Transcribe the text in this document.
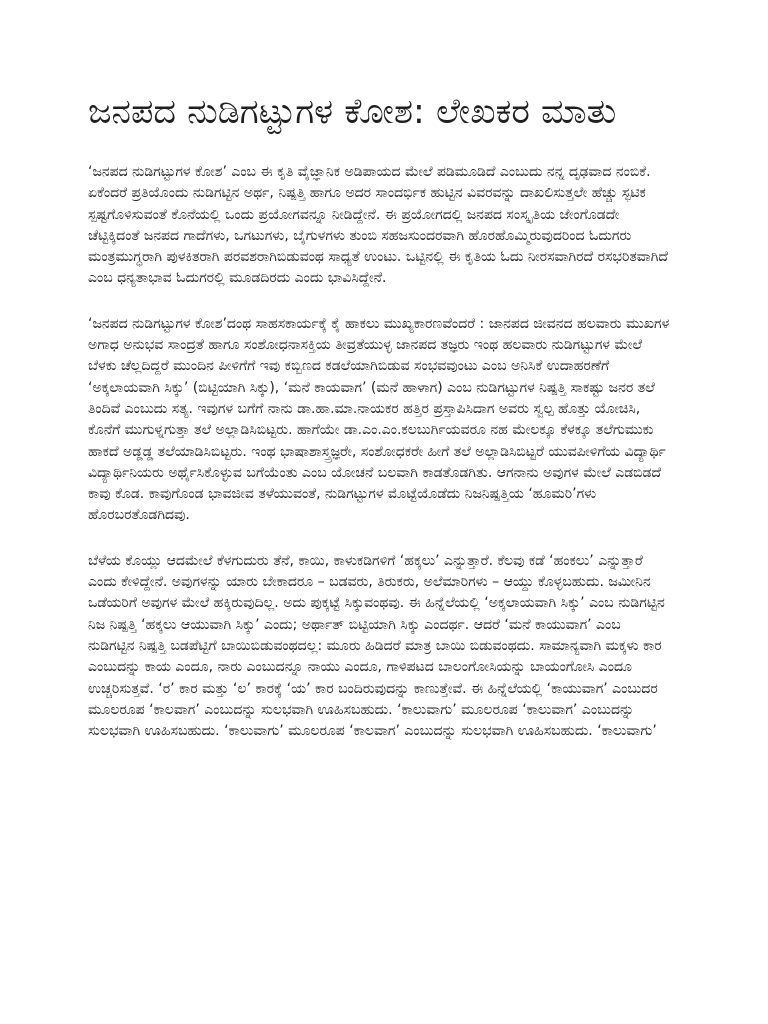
ಜನಪದ ನುಡಿಗಟ್ಟುಗಳ ಕೋಶ: ಲೇಖಕರ ಮಾತು

‘ಜನಪದ ನುಡಿಗಟ್ಟುಗಳ ಕೋಶ’ ಎಂಬ ಈ ಕೃತಿ ವೈಜ್ಞಾನಿಕ ಅಡಿಪಾಯದ ಮೇಲೆ ಪಡಿಮೂಡಿದೆ ಎಂಬುದು ನನ್ನ ದೃಢವಾದ ನಂಬಿಕೆ. ಏಕೆಂದರೆ ಪ್ರತಿಯೊಂದು ನುಡಿಗಟ್ಟಿನ ಅರ್ಥ, ನಿಷ್ಪತ್ತಿ ಹಾಗೂ ಅದರ ಸಾಂದರ್ಭಿಕ ಹುಟ್ಟಿನ ವಿವರವನ್ನು ದಾಖಲಿಸುತ್ತಲೇ ಹೆಚ್ಚು ಸ್ಫಟಿಕ ಸ್ಪಷ್ಟಗೊಳಿಸುವಂತೆ ಕೊನೆಯಲ್ಲಿ ಒಂದು ಪ್ರಯೋಗವನ್ನೂ ನೀಡಿದ್ದೇನೆ. ಈ ಪ್ರಯೋಗದಲ್ಲಿ ಜನಪದ ಸಂಸ್ಕೃತಿಯ ಜೇಂಗೊಡದೇ ಚೆಟ್ಟಿಕ್ಕಿದಂತೆ ಜನಪದ ಗಾದೆಗಳು, ಒಗಟುಗಳು, ಬೈಗುಳಗಳು ತುಂಬಿ ಸಹಜಸುಂದರವಾಗಿ ಹೊರಹೊಮ್ಮಿರುವುದರಿಂದ ಓದುಗರು ಮಂತ್ರಮುಗ್ಧರಾಗಿ ಪುಳಕಿತರಾಗಿ ಪರವಶರಾಗಿಬಿಡುವಂಥ ಸಾಧ್ಯತೆ ಉಂಟು. ಒಟ್ಟಿನಲ್ಲಿ ಈ ಕೃತಿಯ ಓದು ನೀರಸವಾಗಿರದೆ ರಸಭರಿತವಾಗಿದೆ ಎಂಬ ಧನ್ಯತಾಭಾವ ಓದುಗರಲ್ಲಿ ಮೂಡದಿರದು ಎಂದು ಭಾವಿಸಿದ್ದೇನೆ.

‘ಜನಪದ ನುಡಿಗಟ್ಟುಗಳ ಕೋಶ’ದಂಥ ಸಾಹಸಕಾರ್ಯಕ್ಕೆ ಕೈ ಹಾಕಲು ಮುಖ್ಯಕಾರಣವೆಂದರೆ : ಜಾನಪದ ಜೀವನದ ಹಲವಾರು ಮುಖಗಳ ಅಗಾಧ ಅನುಭವ ಸಾಂದ್ರತೆ ಹಾಗೂ ಸಂಶೋಧನಾಸಕ್ತಿಯ ತೀವ್ರತೆಯುಳ್ಳ ಜಾನಪದ ತಜ್ಞರು ಇಂಥ ಹಲವಾರು ನುಡಿಗಟ್ಟುಗಳ ಮೇಲೆ ಬೆಳಕು ಚೆಲ್ಲದಿದ್ದರೆ ಮುಂದಿನ ಪೀಳಿಗೆಗೆ ಇವು ಕಬ್ಬಿಣದ ಕಡಲೆಯಾಗಿಬಿಡುವ ಸಂಭವವುಂಟು ಎಂಬ ಅನಿಸಿಕೆ ಉದಾಹರಣೆಗೆ ‘ಅಕ್ಕಲಾಯವಾಗಿ ಸಿಕ್ಕು’ (ಬಿಟ್ಟಿಯಾಗಿ ಸಿಕ್ಕು), ‘ಮನೆ ಕಾಯವಾಗ’ (ಮನೆ ಹಾಳಾಗ) ಎಂಬ ನುಡಿಗಟ್ಟುಗಳ ನಿಷ್ಪತ್ತಿ ಸಾಕಷ್ಟು ಜನರ ತಲೆ ತಿಂದಿವೆ ಎಂಬುದು ಸತ್ಯ. ಇವುಗಳ ಬಗೆಗೆ ನಾನು ಡಾ.ಹಾ.ಮಾ.ನಾಯಕರ ಹತ್ತಿರ ಪ್ರಸ್ತಾಪಿಸಿದಾಗ ಅವರು ಸ್ವಲ್ಪ ಹೊತ್ತು ಯೋಚಿಸಿ, ಕೊನೆಗೆ ಮುಗುಳ್ನಗುತ್ತಾ ತಲೆ ಅಲ್ಲಾಡಿಸಿಬಿಟ್ಟರು. ಹಾಗೆಯೇ ಡಾ.ಎಂ.ಎಂ.ಕಲಬುರ್ಗಿಯವರೂ ನಹ ಮೇಲಕ್ಕೂ ಕೆಳಕ್ಕೂ ತಲೆಗುಮುಕು ಹಾಕದೆ ಅಡ್ಡಡ್ಡ ತಲೆಯಾಡಿಸಿಬಿಟ್ಟರು. ಇಂಥ ಭಾಷಾಶಾಸ್ತ್ರಜ್ಞರೇ, ಸಂಶೋಧಕರೇ ಹೀಗೆ ತಲೆ ಅಲ್ಲಾಡಿಸಿಬಿಟ್ಟರೆ ಯುವಪೀಳಿಗೆಯ ವಿದ್ಯಾರ್ಥಿ ವಿದ್ಯಾರ್ಥಿನಿಯರು ಅರ್ಥೈಸಿಕೊಳ್ಳುವ ಬಗೆಯೆಂತು ಎಂಬ ಯೋಚನೆ ಬಲವಾಗಿ ಕಾಡತೊಡಗಿತು. ಆಗನಾನು ಅವುಗಳ ಮೇಲೆ ಎಡಬಿಡದೆ ಕಾವು ಕೊಡ. ಕಾವುಗೊಂಡ ಭಾವಜೀವ ತಳೆಯುವಂತೆ, ನುಡಿಗಟ್ಟುಗಳ ಮೊಟ್ಟೆಯೊಡೆದು ನಿಜನಿಷ್ಪತ್ತಿಯ ‘ಹೂಮರಿ’ಗಳು ಹೊರಬರತೊಡಗಿದವು.

ಬೆಳೆಯ ಕೊಯ್ಲು ಆದಮೇಲೆ ಕೆಳಗುದುರು ತೆನೆ, ಕಾಯಿ, ಕಾಳುಕಡಿಗಳಿಗೆ ‘ಹಕ್ಕಲು’ ಎನ್ನುತ್ತಾರೆ. ಕೆಲವು ಕಡೆ ‘ಹಂಕಲು’ ಎನ್ನುತ್ತಾರೆ ಎಂದು ಕೇಳಿದ್ದೇನೆ. ಅವುಗಳನ್ನು ಯಾರು ಬೇಕಾದರೂ – ಬಡವರು, ತಿರುಕರು, ಅಲೆಮಾರಿಗಳು – ಆಯ್ದು ಕೊಳ್ಳಬಹುದು. ಜಮೀನಿನ ಒಡೆಯರಿಗೆ ಅವುಗಳ ಮೇಲೆ ಹಕ್ಕಿರುವುದಿಲ್ಲ. ಅದು ಪುಕ್ಕಟ್ಟೆ ಸಿಕ್ಕುವಂಥವು. ಈ ಹಿನ್ನೆಲೆಯಲ್ಲಿ ‘ಅಕ್ಕಲಾಯವಾಗಿ ಸಿಕ್ಕು’ ಎಂಬ ನುಡಿಗಟ್ಟಿನ ನಿಜ ನಿಷ್ಪತ್ತಿ ‘ಹಕ್ಕಲು ಆಯುವಾಗಿ ಸಿಕ್ಕು’ ಎಂದು; ಅರ್ಥಾತ್ ಬಿಟ್ಟಿಯಾಗಿ ಸಿಕ್ಕು ಎಂದರ್ಥ. ಆದರೆ ‘ಮನೆ ಕಾಯುವಾಗ’ ಎಂಬ ನುಡಿಗಟ್ಟಿನ ನಿಷ್ಪತ್ತಿ ಬಡಪೆಟ್ಟಿಗೆ ಬಾಯಿಬಿಡುವಂಥದಲ್ಲ: ಮೂರು ಹಿಡಿದರೆ ಮಾತ್ರ ಬಾಯಿ ಬಿಡುವಂಥದು. ಸಾಮಾನ್ಯವಾಗಿ ಮಕ್ಕಳು ಕಾರ ಎಂಬುದನ್ನು ಕಾಯ ಎಂದೂ, ನಾರು ಎಂಬುದನ್ನೂ ನಾಯು ಎಂದೂ, ಗಾಳಿಪಟದ ಬಾಲಂಗೋಸಿಯನ್ನು ಬಾಯಂಗೋಸಿ ಎಂದೂ ಉಚ್ಚರಿಸುತ್ತವೆ. ‘ರ’ ಕಾರ ಮತ್ತು ‘ಲ’ ಕಾರಕ್ಕೆ ‘ಯ’ ಕಾರ ಬಂದಿರುವುದನ್ನು ಕಾಣುತ್ತೇವೆ. ಈ ಹಿನ್ನೆಲೆಯಲ್ಲಿ ‘ಕಾಯುವಾಗ’ ಎಂಬುದರ ಮೂಲರೂಪ ‘ಕಾಲವಾಗ’ ಎಂಬುದನ್ನು ಸುಲಭವಾಗಿ ಊಹಿಸಬಹುದು. ‘ಕಾಲುವಾಗು’ ಮೂಲರೂಪ ‘ಕಾಲುವಾಗ’ ಎಂಬುದನ್ನು ಸುಲಭವಾಗಿ ಊಹಿಸಬಹುದು. ‘ಕಾಲುವಾಗು’ ಮೂಲರೂಪ ‘ಕಾಲವಾಗ’ ಎಂಬುದನ್ನು ಸುಲಭವಾಗಿ ಊಹಿಸಬಹುದು. ‘ಕಾಲುವಾಗು’
